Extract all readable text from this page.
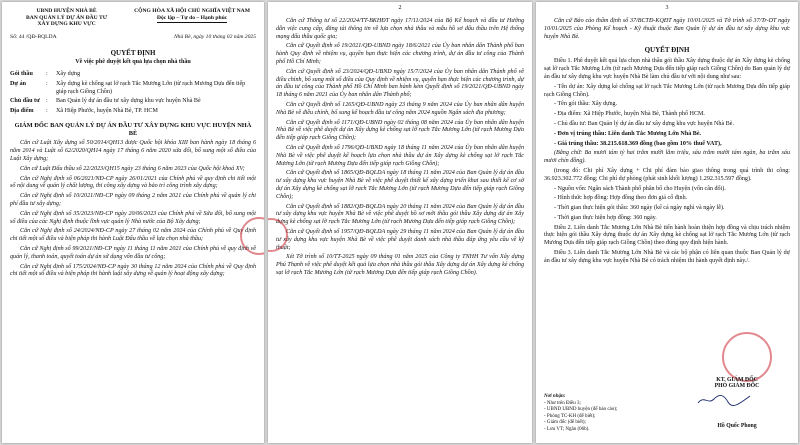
UBND HUYỆN NHÀ BÈ
BAN QUẢN LÝ DỰ ÁN ĐẦU TƯ
XÂY DỰNG KHU VỰC
CỘNG HÒA XÃ HỘI CHỦ NGHĨA VIỆT NAM
Độc lập – Tự do – Hạnh phúc
Số: 44 /QĐ-BQLDA	Nhà Bè, ngày 10 tháng 02 năm 2025
QUYẾT ĐỊNH
Về việc phê duyệt kết quả lựa chọn nhà thầu
Gói thầu	:	Xây dựng
Dự án	:	Xây dựng kè chống sạt lở rạch Tắc Mương Lớn (từ rạch Mương Dựa đến tiếp giáp rạch Giồng Chồn)
Chủ đầu tư	:	Ban Quản lý dự án đầu tư xây dựng khu vực huyện Nhà Bè
Địa điểm	:	Xã Hiệp Phước, huyện Nhà Bè, TP. HCM
GIÁM ĐỐC BAN QUẢN LÝ DỰ ÁN ĐẦU TƯ XÂY DỰNG KHU VỰC HUYỆN NHÀ BÈ

Căn cứ Luật Xây dựng số 50/2014/QH13 được Quốc hội khóa XIII ban hành ngày 18 tháng 6 năm 2014 và Luật số 62/2020/QH14 ngày 17 tháng 6 năm 2020 sửa đổi, bổ sung một số điều của Luật Xây dựng;

Căn cứ Luật Đấu thầu số 22/2023/QH15 ngày 23 tháng 6 năm 2023 của Quốc hội khoá XV;

Căn cứ Nghị định số 06/2021/NĐ-CP ngày 26/01/2021 của Chính phủ về quy định chi tiết một số nội dung về quản lý chất lượng, thi công xây dựng và bảo trì công trình xây dựng;

Căn cứ Nghị định số 10/2021/NĐ-CP ngày 09 tháng 2 năm 2021 của Chính phủ về quản lý chi phí đầu tư xây dựng;

Căn cứ Nghị định số 35/2023/NĐ-CP ngày 20/06/2023 của Chính phủ về Sửa đổi, bổ sung một số điều của các Nghị định thuộc lĩnh vực quản lý Nhà nước của Bộ Xây dựng;

Căn cứ Nghị định số 24/2024/NĐ-CP ngày 27 tháng 02 năm 2024 của Chính phủ về Quy định chi tiết một số điều và biện pháp thi hành Luật Đấu thầu về lựa chọn nhà thầu;

Căn cứ Nghị định số 99/2021/NĐ-CP ngày 11 tháng 11 năm 2021 của Chính phủ về quy định về quản lý, thanh toán, quyết toán dự án sử dụng vốn đầu tư công;

Căn cứ Nghị định số 175/2024/NĐ-CP ngày 30 tháng 12 năm 2024 của Chính phủ về Quy định chi tiết một số điều và biện pháp thi hành luật xây dựng về quản lý hoạt động xây dựng;

2

Căn cứ Thông tư số 22/2024/TT-BKHĐT ngày 17/11/2024 của Bộ Kế hoạch và đầu tư Hướng dẫn việc cung cấp, đăng tải thông tin về lựa chọn nhà thầu và mẫu hồ sơ đấu thầu trên Hệ thống mạng đấu thầu quốc gia;

Căn cứ Quyết định số 19/2021/QĐ-UBND ngày 18/6/2021 của Ủy ban nhân dân Thành phố ban hành Quy định về nhiệm vụ, quyền hạn thực hiện các chương trình, dự án đầu tư công của Thành phố Hồ Chí Minh;

Căn cứ Quyết định số 23/2024/QĐ-UBND ngày 15/7/2024 của Ủy ban nhân dân Thành phố về điều chỉnh, bổ sung một số điều của Quy định về nhiệm vụ, quyền hạn thực hiện các chương trình, dự án đầu tư công của Thành phố Hồ Chí Minh ban hành kèm Quyết định số 19/2021/QĐ-UBND ngày 18 tháng 6 năm 2021 của Ủy ban nhân dân Thành phố;

Căn cứ Quyết định số 1265/QĐ-UBND ngày 23 tháng 9 năm 2024 của Ủy ban nhân dân huyện Nhà Bè về điều chỉnh, bổ sung kế hoạch đầu tư công năm 2024 nguồn Ngân sách địa phương;

Căn cứ Quyết định số 1171/QĐ-UBND ngày 02 tháng 08 năm 2024 của Ủy ban nhân dân huyện Nhà Bè về việc phê duyệt dự án Xây dựng kè chống sạt lở rạch Tắc Mương Lớn (từ rạch Mương Dựa đến tiếp giáp rạch Giồng Chồn);

Căn cứ Quyết định số 1796/QĐ-UBND ngày 18 tháng 11 năm 2024 của Ủy ban nhân dân huyện Nhà Bè về việc phê duyệt kế hoạch lựa chọn nhà thầu dự án Xây dựng kè chống sạt lở rạch Tắc Mương Lớn (từ rạch Mương Dựa đến tiếp giáp rạch Giồng Chồn);

Căn cứ Quyết định số 1865/QĐ-BQLDA ngày 18 tháng 11 năm 2024 của Ban Quản lý dự án đầu tư xây dựng khu vực huyện Nhà Bè về việc phê duyệt thiết kế xây dựng triển khai sau thiết kế cơ sở dự án Xây dựng kè chống sạt lở rạch Tắc Mương Lớn (từ rạch Mương Dựa đến tiếp giáp rạch Giồng Chồn);

Căn cứ Quyết định số 1882/QĐ-BQLDA ngày 20 tháng 11 năm 2024 của Ban Quản lý dự án đầu tư xây dựng khu vực huyện Nhà Bè về việc phê duyệt hồ sơ mời thầu gói thầu Xây dựng dự án Xây dựng kè chống sạt lở rạch Tắc Mương Lớn (từ rạch Mương Dựa đến tiếp giáp rạch Giồng Chồn);

Căn cứ Quyết định số 1957/QĐ-BQLDA ngày 29 tháng 11 năm 2024 của Ban Quản lý dự án đầu tư xây dựng khu vực huyện Nhà Bè về việc phê duyệt danh sách nhà thầu đáp ứng yêu cầu về kỹ thuật;

Xét Tờ trình số 10/TT-2025 ngày 09 tháng 01 năm 2025 của Công ty TNHH Tư vấn Xây dựng Phú Thạnh về việc phê duyệt kết quả lựa chọn nhà thầu gói thầu Xây dựng dự án Xây dựng kè chống sạt lở rạch Tắc Mương Lớn (từ rạch Mương Dựa đến tiếp giáp rạch Giồng Chồn).

3

Căn cứ Báo cáo thẩm định số 37/BCTĐ-KQĐT ngày 10/01/2025 và Tờ trình số 37/Tr-DT ngày 10/01/2025 của Phòng Kế hoạch - Kỹ thuật thuộc Ban Quản lý dự án đầu tư xây dựng khu vực huyện Nhà Bè.

QUYẾT ĐỊNH

Điều 1. Phê duyệt kết quả lựa chọn nhà thầu gói thầu Xây dựng thuộc dự án Xây dựng kè chống sạt lở rạch Tắc Mương Lớn (từ rạch Mương Dựa đến tiếp giáp rạch Giồng Chồn) do Ban quản lý dự án đầu tư xây dựng khu vực huyện Nhà Bè làm chủ đầu tư với nội dung như sau:

- Tên dự án: Xây dựng kè chống sạt lở rạch Tắc Mương Lớn (từ rạch Mương Dựa đến tiếp giáp rạch Giồng Chồn).

- Tên gói thầu: Xây dựng.

- Địa điểm: Xã Hiệp Phước, huyện Nhà Bè, Thành phố HCM.

- Chủ đầu tư: Ban Quản lý dự án đầu tư xây dựng khu vực huyện Nhà Bè.

- Đơn vị trúng thầu: Liên danh Tắc Mương Lớn Nhà Bè.

- Giá trúng thầu: 38.215.618.369 đồng (bao gồm 10% thuế VAT),

(Bằng chữ: Ba mươi tám tỷ hai trăm mười lăm triệu, sáu trăm mười tám ngàn, ba trăm sáu mươi chín đồng).

(trong đó: Chi phí Xây dựng + Chi phí đảm bảo giao thông trong quá trình thi công: 36.923.302.772 đồng; Chi phí dự phòng (phát sinh khối lượng) 1.292.315.597 đồng).

- Nguồn vốn: Ngân sách Thành phố phân bổ cho Huyện (vốn cân đối).

- Hình thức hợp đồng: Hợp đồng theo đơn giá cố định.

- Thời gian thực hiện gói thầu: 360 ngày (kể cả ngày nghỉ và ngày lễ).

- Thời gian thực hiện hợp đồng: 360 ngày.

Điều 2. Liên danh Tắc Mương Lớn Nhà Bè tiến hành hoàn thiện hợp đồng và chịu trách nhiệm thực hiện gói thầu Xây dựng thuộc dự án Xây dựng kè chống sạt lở rạch Tắc Mương Lớn (từ rạch Mương Dựa đến tiếp giáp rạch Giồng Chồn) theo đúng quy định hiện hành.

Điều 3. Liên danh Tắc Mương Lớn Nhà Bè và các bộ phận có liên quan thuộc Ban Quản lý dự án đầu tư xây dựng khu vực huyện Nhà Bè có trách nhiệm thi hành quyết định này./.

Nơi nhận:
- Như trên Điều 3;
- UBND UBND huyện (để báo cáo);
- Phòng TC-KH (để biết);
- Giám đốc (để biết);
- Lưu VT; Ngân (06b).
KT. GIÁM ĐỐC
PHÓ GIÁM ĐỐC
Hồ Quốc Phong
